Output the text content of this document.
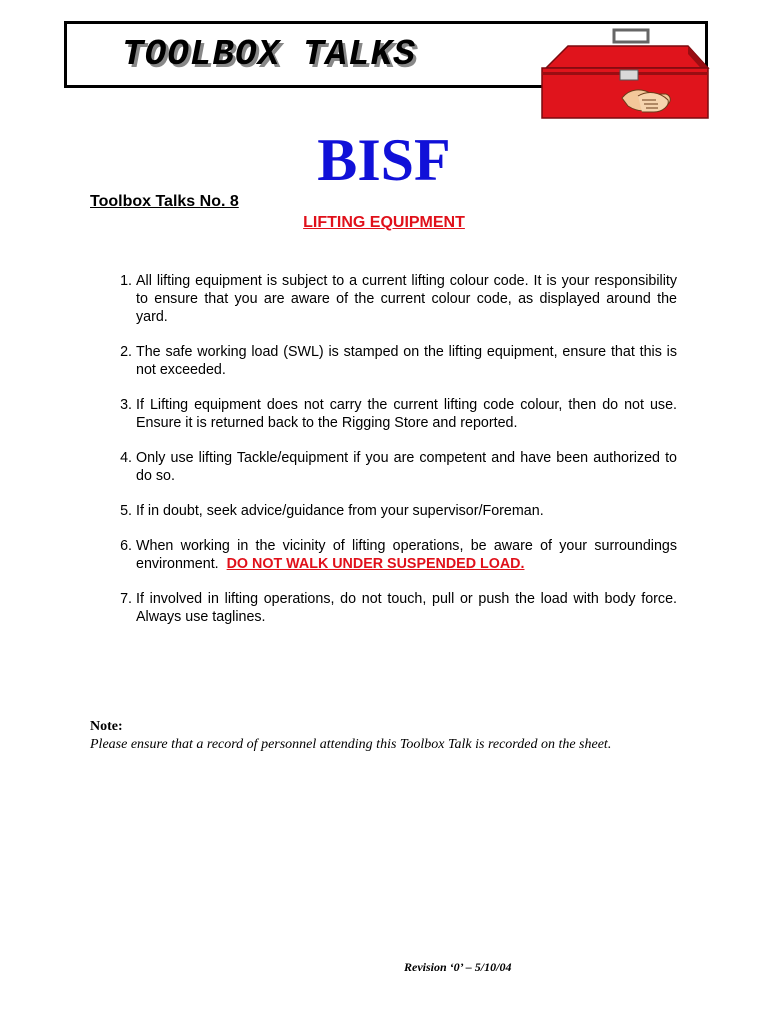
TOOLBOX TALKS
BISF
Toolbox Talks No. 8
LIFTING EQUIPMENT
1. All lifting equipment is subject to a current lifting colour code. It is your responsibility to ensure that you are aware of the current colour code, as displayed around the yard.
2. The safe working load (SWL) is stamped on the lifting equipment, ensure that this is not exceeded.
3. If Lifting equipment does not carry the current lifting code colour, then do not use. Ensure it is returned back to the Rigging Store and reported.
4. Only use lifting Tackle/equipment if you are competent and have been authorized to do so.
5. If in doubt, seek advice/guidance from your supervisor/Foreman.
6. When working in the vicinity of lifting operations, be aware of your surroundings environment. DO NOT WALK UNDER SUSPENDED LOAD.
7. If involved in lifting operations, do not touch, pull or push the load with body force. Always use taglines.
Note:
Please ensure that a record of personnel attending this Toolbox Talk is recorded on the sheet.
Revision ‘0’ – 5/10/04
